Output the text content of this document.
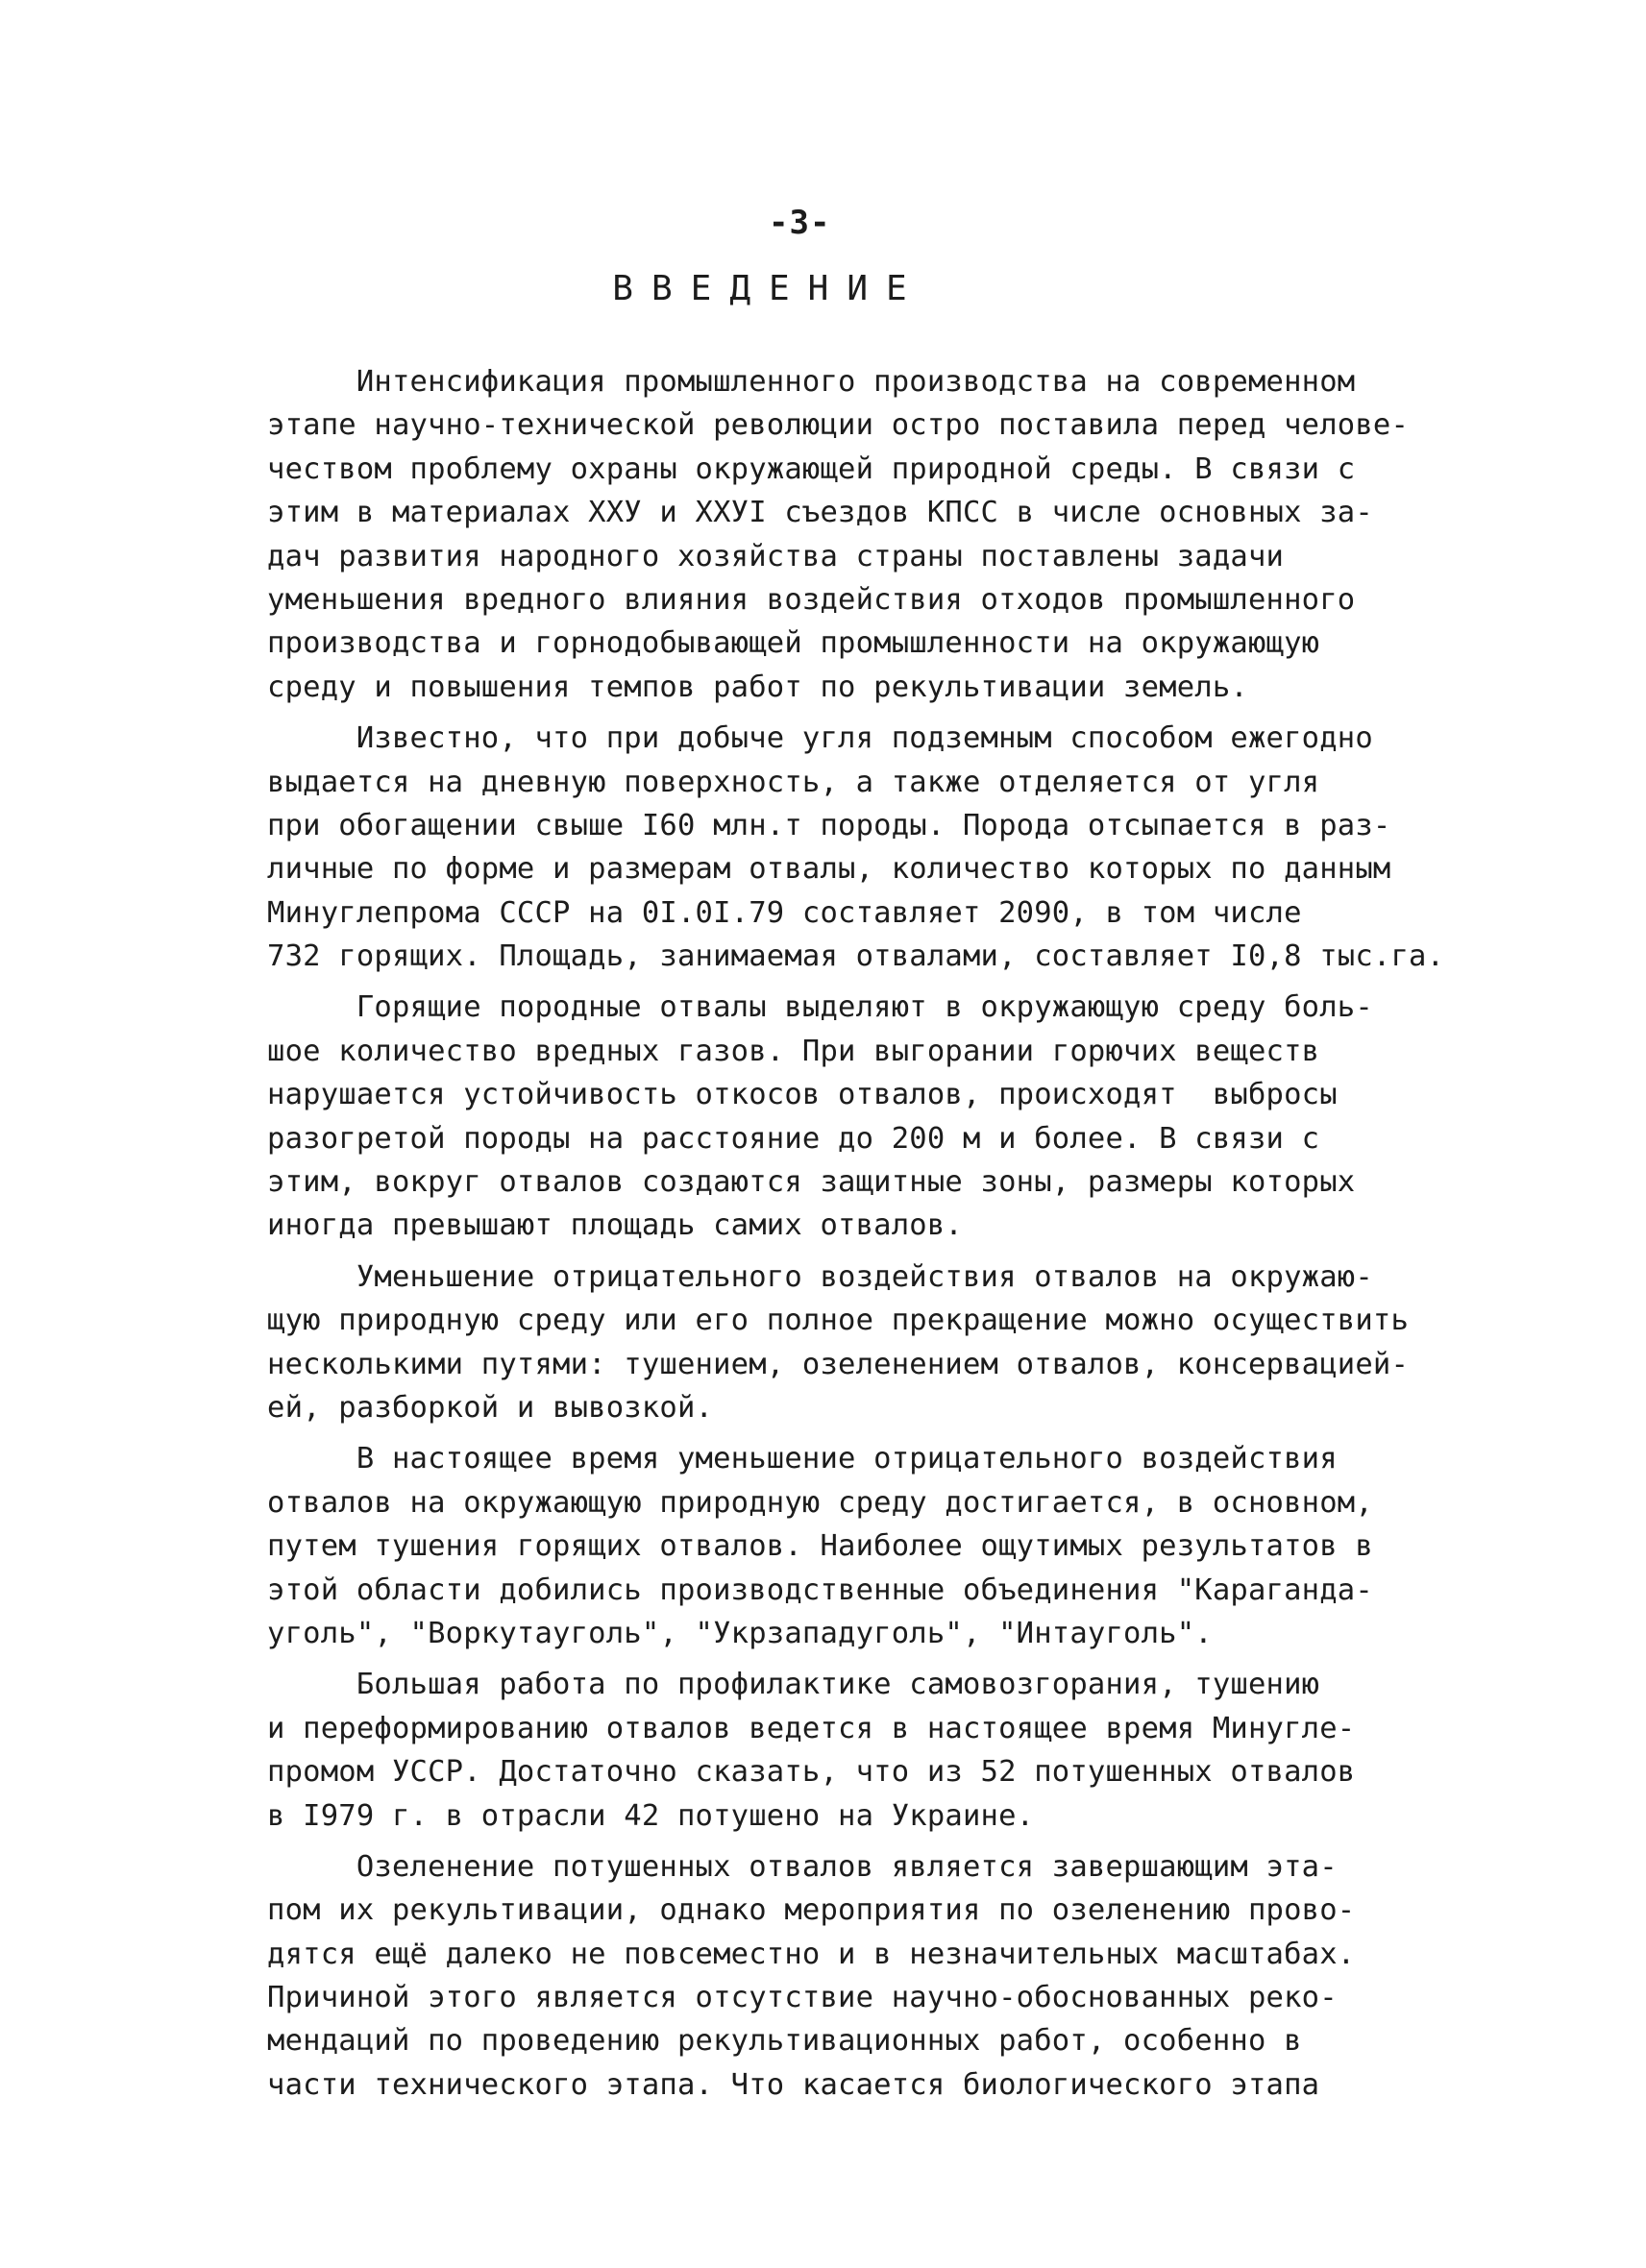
-3-
ВВЕДЕНИЕ
Интенсификация промышленного производства на современном
этапе научно-технической революции остро поставила перед челове-
чеством проблему охраны окружающей природной среды. В связи с
этим в материалах ХХУ и ХХУI съездов КПСС в числе основных за-
дач развития народного хозяйства страны поставлены задачи
уменьшения вредного влияния воздействия отходов промышленного
производства и горнодобывающей промышленности на окружающую
среду и повышения темпов работ по рекультивации земель.
Известно, что при добыче угля подземным способом ежегодно
выдается на дневную поверхность, а также отделяется от угля
при обогащении свыше I60 млн.т породы. Порода отсыпается в раз-
личные по форме и размерам отвалы, количество которых по данным
Минуглепрома СССР на 0I.0I.79 составляет 2090, в том числе
732 горящих. Площадь, занимаемая отвалами, составляет I0,8 тыс.га.
Горящие породные отвалы выделяют в окружающую среду боль-
шое количество вредных газов. При выгорании горючих веществ
нарушается устойчивость откосов отвалов, происходят  выбросы
разогретой породы на расстояние до 200 м и более. В связи с
этим, вокруг отвалов создаются защитные зоны, размеры которых
иногда превышают площадь самих отвалов.
Уменьшение отрицательного воздействия отвалов на окружаю-
щую природную среду или его полное прекращение можно осуществить
несколькими путями: тушением, озеленением отвалов, консервацией-
ей, разборкой и вывозкой.
В настоящее время уменьшение отрицательного воздействия
отвалов на окружающую природную среду достигается, в основном,
путем тушения горящих отвалов. Наиболее ощутимых результатов в
этой области добились производственные объединения "Караганда-
уголь", "Воркутауголь", "Укрзападуголь", "Интауголь".
Большая работа по профилактике самовозгорания, тушению
и переформированию отвалов ведется в настоящее время Минугле-
промом УССР. Достаточно сказать, что из 52 потушенных отвалов
в I979 г. в отрасли 42 потушено на Украине.
Озеленение потушенных отвалов является завершающим эта-
пом их рекультивации, однако мероприятия по озеленению прово-
дятся ещё далеко не повсеместно и в незначительных масштабах.
Причиной этого является отсутствие научно-обоснованных реко-
мендаций по проведению рекультивационных работ, особенно в
части технического этапа. Что касается биологического этапа
